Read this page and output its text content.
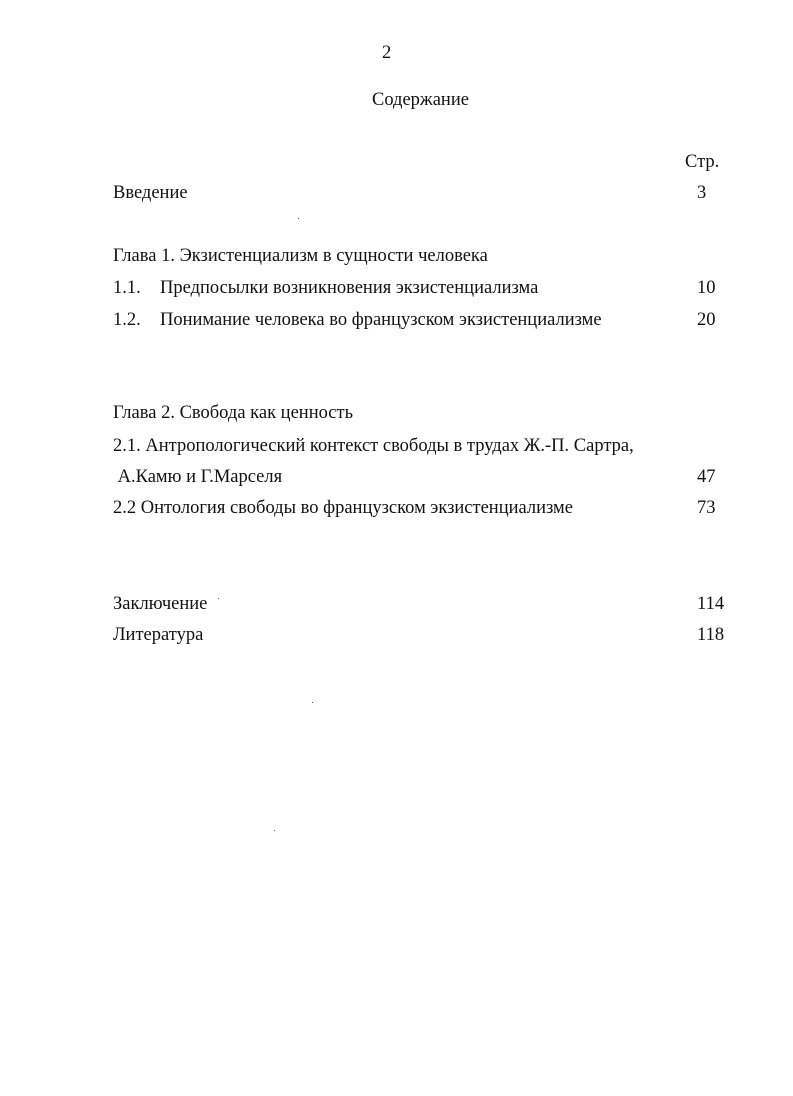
2
Содержание
Стр.
Введение	3
Глава 1. Экзистенциализм в сущности человека
1.1. Предпосылки возникновения экзистенциализма	10
1.2. Понимание человека во французском экзистенциализме	20
Глава 2. Свобода как ценность
2.1. Антропологический контекст свободы в трудах Ж.-П. Сартра,
А.Камю и Г.Марселя	47
2.2 Онтология свободы во французском экзистенциализме	73
Заключение	114
Литература	118
